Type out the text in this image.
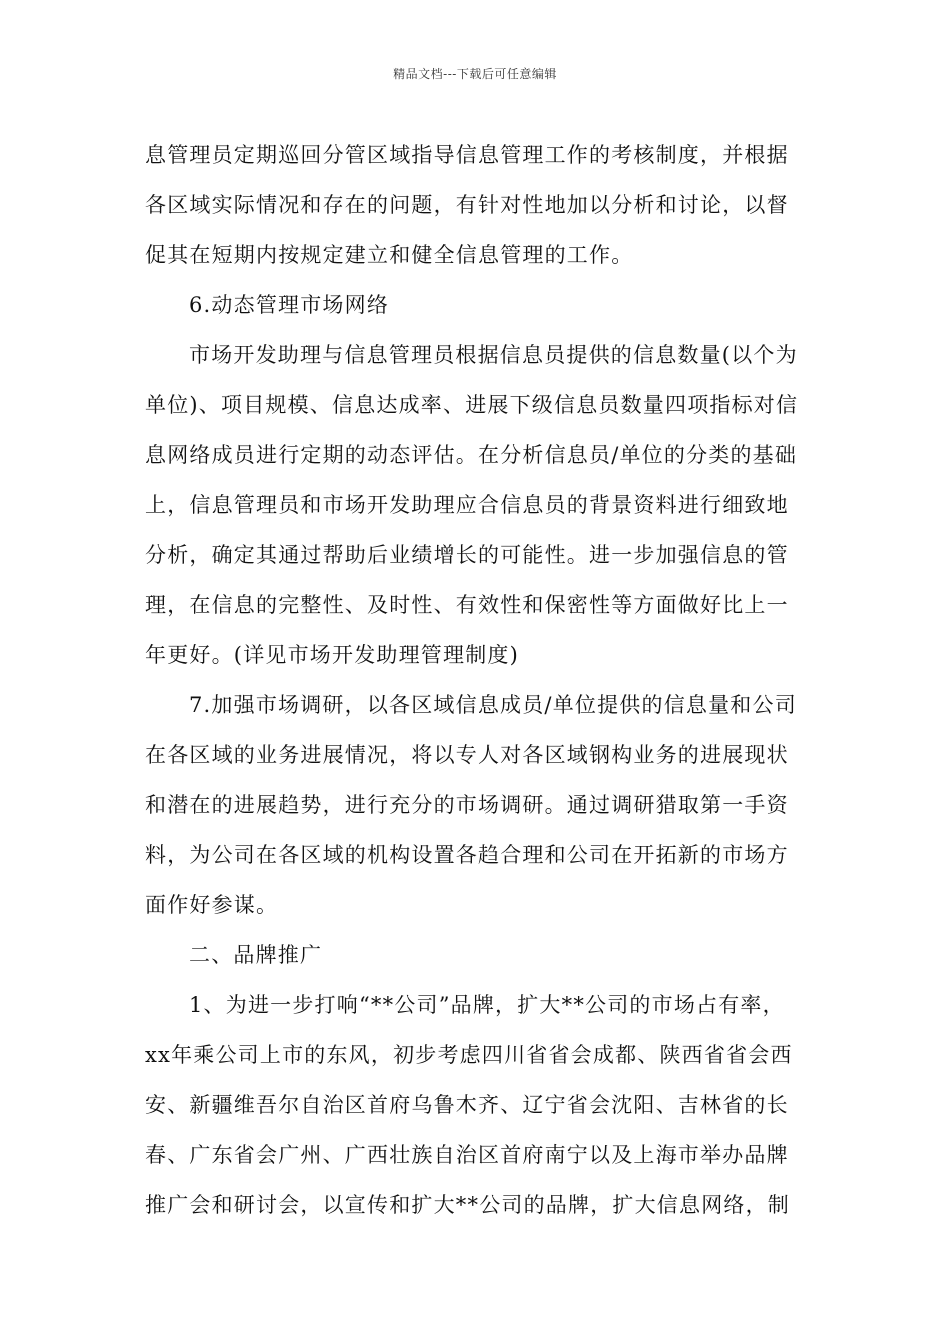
精品文档---下载后可任意编辑
息管理员定期巡回分管区域指导信息管理工作的考核制度，并根据
各区域实际情况和存在的问题，有针对性地加以分析和讨论，以督
促其在短期内按规定建立和健全信息管理的工作。
6.动态管理市场网络
市场开发助理与信息管理员根据信息员提供的信息数量(以个为
单位)、项目规模、信息达成率、进展下级信息员数量四项指标对信
息网络成员进行定期的动态评估。在分析信息员/单位的分类的基础
上，信息管理员和市场开发助理应合信息员的背景资料进行细致地
分析，确定其通过帮助后业绩增长的可能性。进一步加强信息的管
理，在信息的完整性、及时性、有效性和保密性等方面做好比上一
年更好。(详见市场开发助理管理制度)
7.加强市场调研，以各区域信息成员/单位提供的信息量和公司
在各区域的业务进展情况，将以专人对各区域钢构业务的进展现状
和潜在的进展趋势，进行充分的市场调研。通过调研猎取第一手资
料，为公司在各区域的机构设置各趋合理和公司在开拓新的市场方
面作好参谋。
二、品牌推广
1、为进一步打响“**公司”品牌，扩大**公司的市场占有率，
xx年乘公司上市的东风，初步考虑四川省省会成都、陕西省省会西
安、新疆维吾尔自治区首府乌鲁木齐、辽宁省会沈阳、吉林省的长
春、广东省会广州、广西壮族自治区首府南宁以及上海市举办品牌
推广会和研讨会，以宣传和扩大**公司的品牌，扩大信息网络，制
